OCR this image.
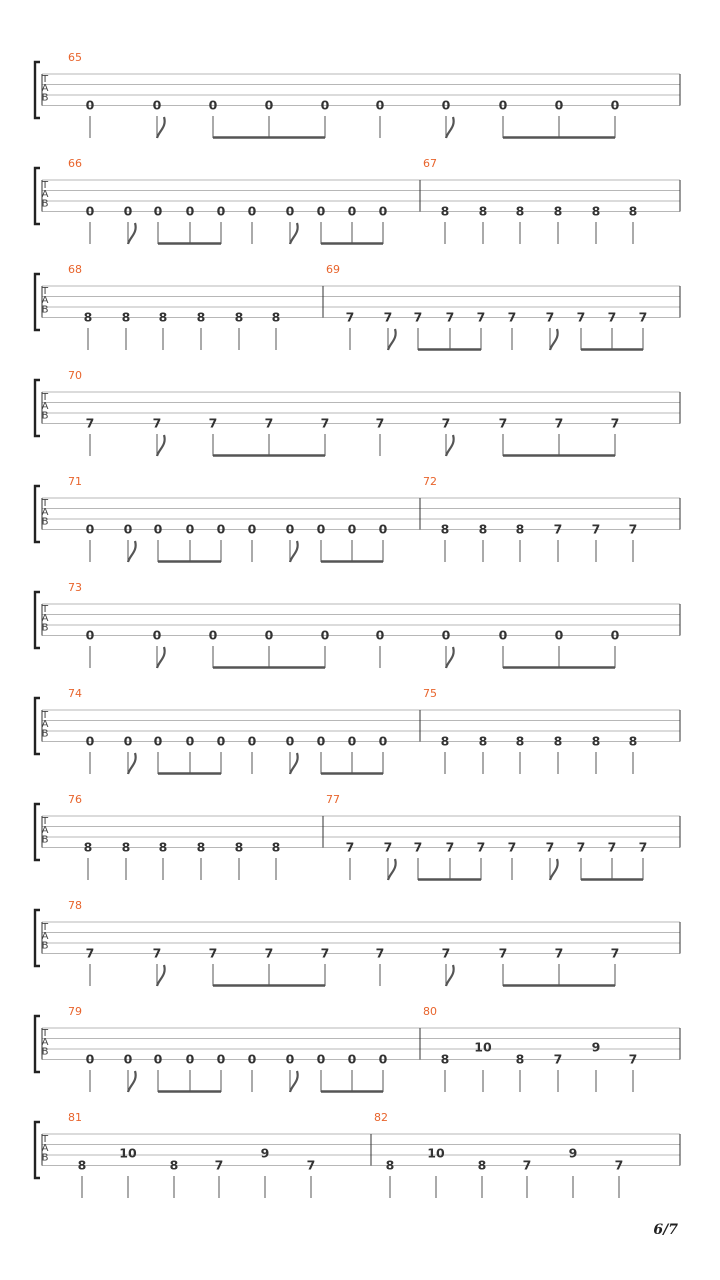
T
A
B
65
0	0	0	0	0	0	0	0	0	0
T
A
B
66
0 0 0 0 0 0 0 0 0 0
67
8 8 8 8 8 8
T
A
B
68
8 8 8 8 8 8
69
7 7 7 7 7 7 7 7 7 7
T
A
B
70
7	7	7	7	7	7	7	7	7	7
T
A
B
71
0 0 0 0 0 0 0 0 0 0
72
8 8 8 7 7 7
T
A
B
73
0	0	0	0	0	0	0	0	0	0
T
A
B
74
0 0 0 0 0 0 0 0 0 0
75
8 8 8 8 8 8
T
A
B
76
8 8 8 8 8 8
77
7 7 7 7 7 7 7 7 7 7
T
A
B
78
7	7	7	7	7	7	7	7	7	7
T
A
B
79
0 0 0 0 0 0 0 0 0 0
80
8
10
8 7
9
7
T
A
B
81
8
10
8	7
9
7
82
8
10
8	7
9
7
6/7
